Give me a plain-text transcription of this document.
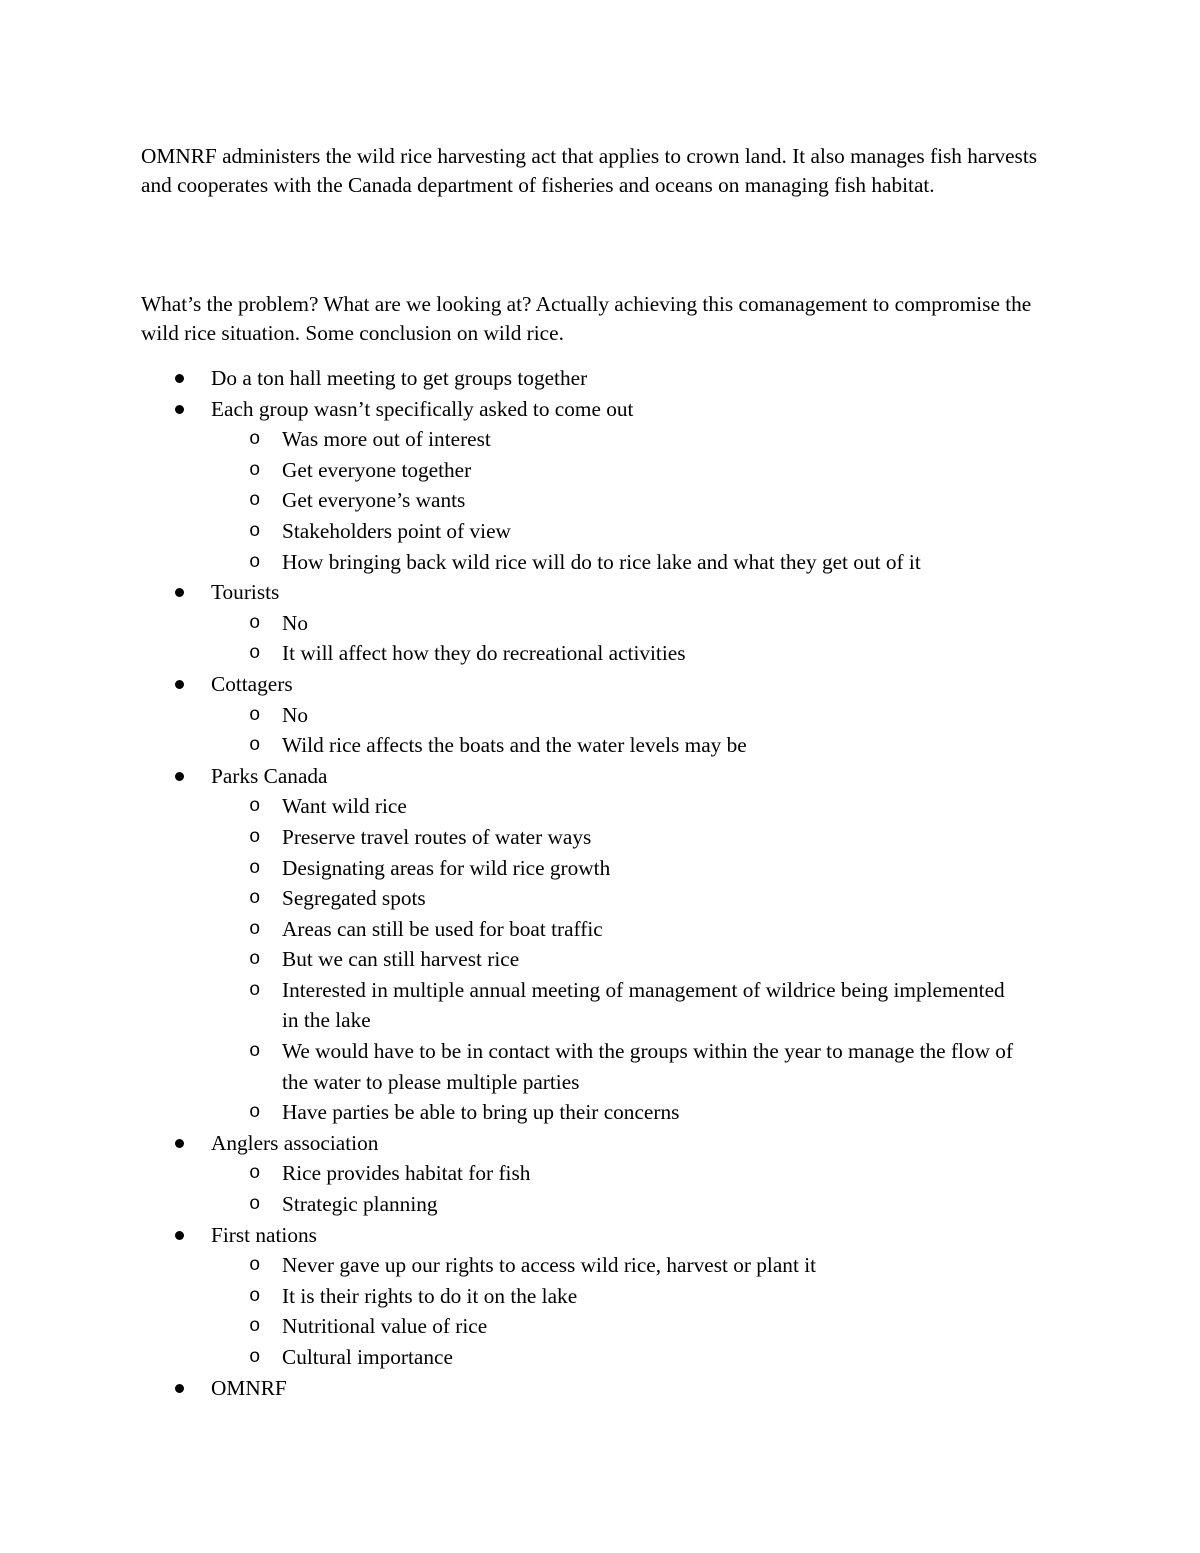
OMNRF administers the wild rice harvesting act that applies to crown land. It also manages fish harvests and cooperates with the Canada department of fisheries and oceans on managing fish habitat.

What’s the problem? What are we looking at? Actually achieving this comanagement to compromise the wild rice situation. Some conclusion on wild rice.

Do a ton hall meeting to get groups together
Each group wasn’t specifically asked to come out
o Was more out of interest
o Get everyone together
o Get everyone’s wants
o Stakeholders point of view
o How bringing back wild rice will do to rice lake and what they get out of it
Tourists
o No
o It will affect how they do recreational activities
Cottagers
o No
o Wild rice affects the boats and the water levels may be
Parks Canada
o Want wild rice
o Preserve travel routes of water ways
o Designating areas for wild rice growth
o Segregated spots
o Areas can still be used for boat traffic
o But we can still harvest rice
o Interested in multiple annual meeting of management of wildrice being implemented in the lake
o We would have to be in contact with the groups within the year to manage the flow of the water to please multiple parties
o Have parties be able to bring up their concerns
Anglers association
o Rice provides habitat for fish
o Strategic planning
First nations
o Never gave up our rights to access wild rice, harvest or plant it
o It is their rights to do it on the lake
o Nutritional value of rice
o Cultural importance
OMNRF
